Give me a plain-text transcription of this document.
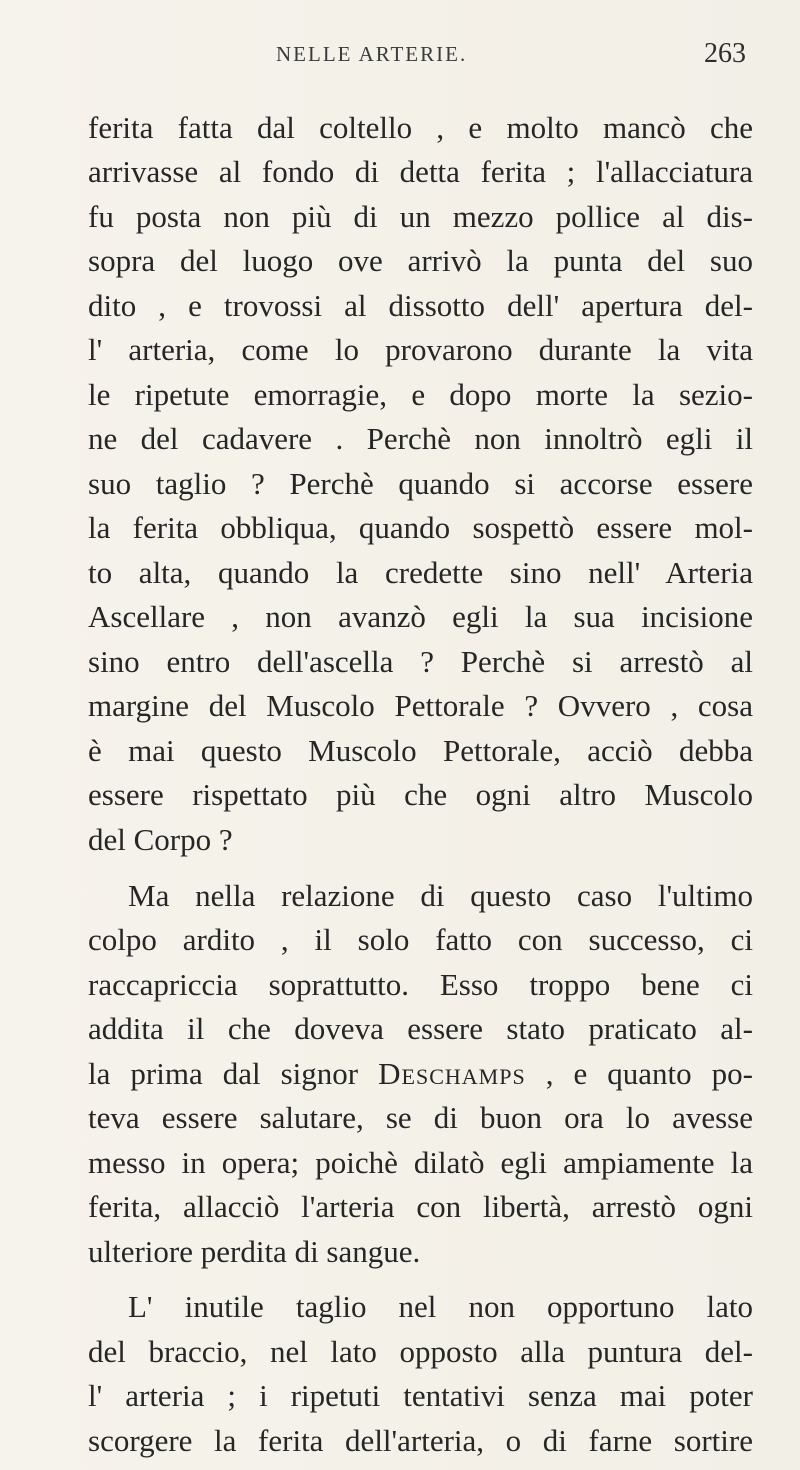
NELLE ARTERIE.	263
ferita fatta dal coltello , e molto mancò che
arrivasse al fondo di detta ferita ; l'allacciatura
fu posta non più di un mezzo pollice al dis-
sopra del luogo ove arrivò la punta del suo
dito , e trovossi al dissotto dell' apertura del-
l' arteria, come lo provarono durante la vita
le ripetute emorragie, e dopo morte la sezio-
ne del cadavere . Perchè non innoltrò egli il
suo taglio ? Perchè quando si accorse essere
la ferita obbliqua, quando sospettò essere mol-
to alta, quando la credette sino nell' Arteria
Ascellare , non avanzò egli la sua incisione
sino entro dell'ascella ? Perchè si arrestò al
margine del Muscolo Pettorale ? Ovvero , cosa
è mai questo Muscolo Pettorale, acciò debba
essere rispettato più che ogni altro Muscolo
del Corpo ?
Ma nella relazione di questo caso l'ultimo
colpo ardito , il solo fatto con successo, ci
raccapriccia soprattutto. Esso troppo bene ci
addita il che doveva essere stato praticato al-
la prima dal signor Deschamps , e quanto po-
teva essere salutare, se di buon ora lo avesse
messo in opera; poichè dilatò egli ampiamente la
ferita, allacciò l'arteria con libertà, arrestò ogni
ulteriore perdita di sangue.
L' inutile taglio nel non opportuno lato
del braccio, nel lato opposto alla puntura del-
l' arteria ; i ripetuti tentativi senza mai poter
scorgere la ferita dell'arteria, o di farne sortire
